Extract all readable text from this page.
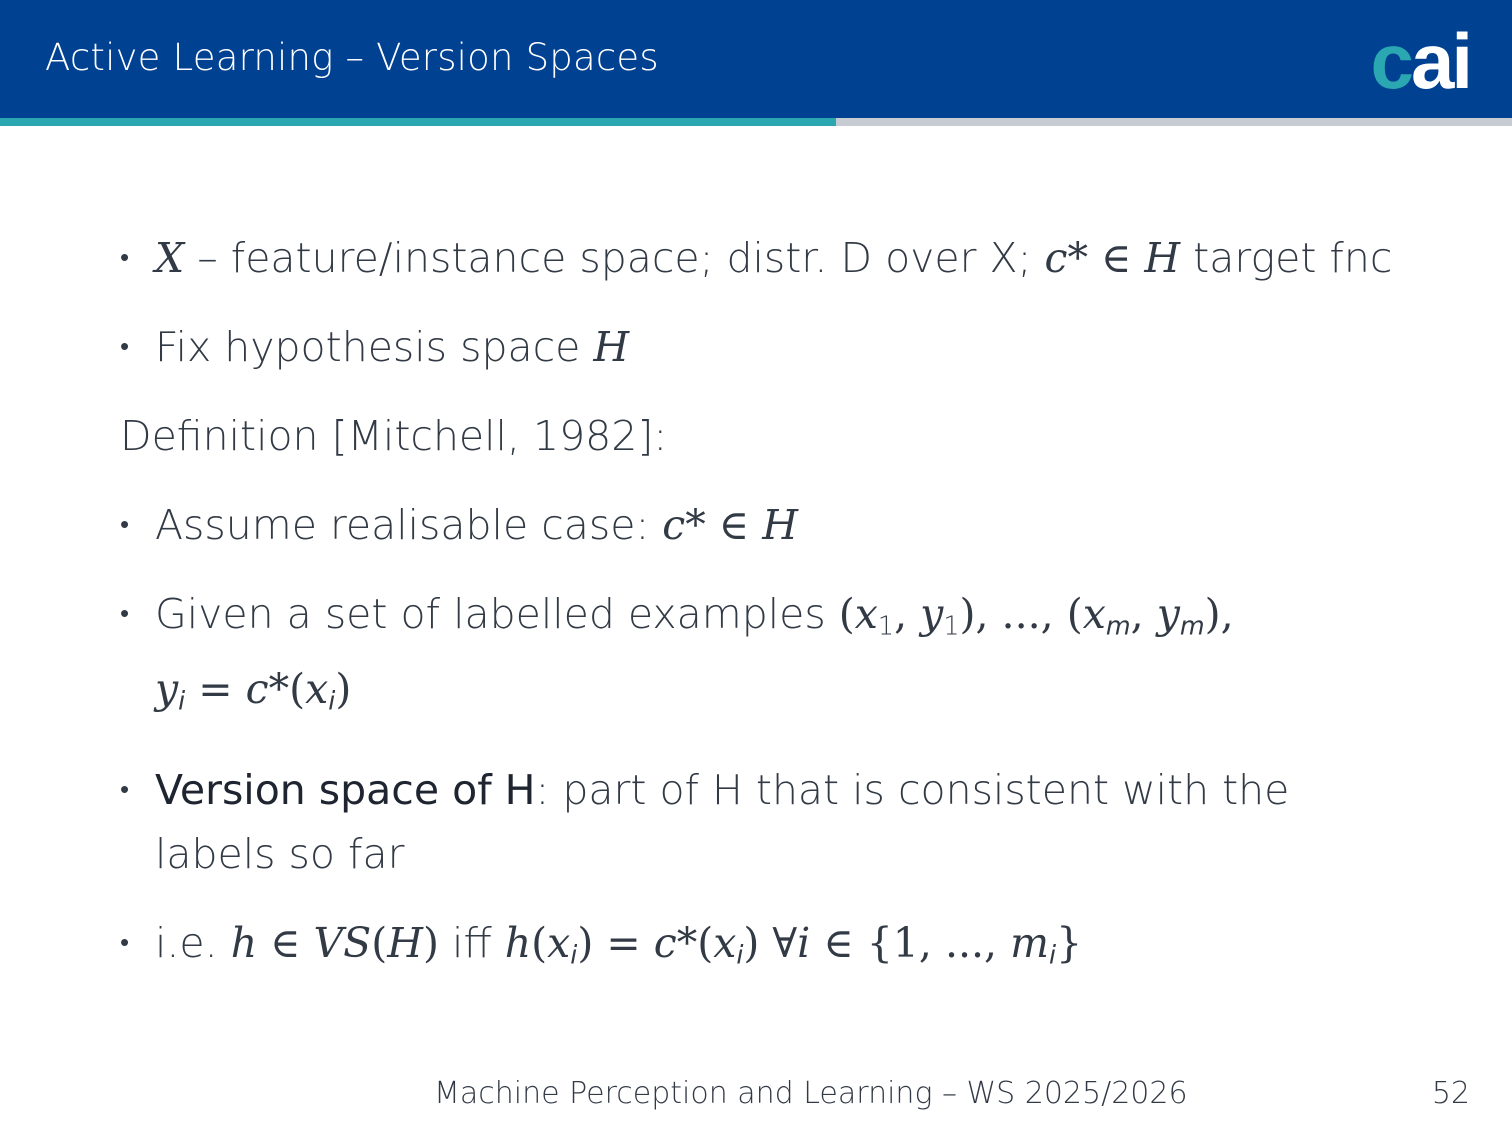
Active Learning – Version Spaces	cai
• X – feature/instance space; distr. D over X; c* ∈ H target fnc
• Fix hypothesis space H
Definition [Mitchell, 1982]:
• Assume realisable case: c* ∈ H
• Given a set of labelled examples ($x_1$, $y_1$), ..., ($x_m$, $y_m$),
$y_i = c*(x_i)$
• Version space of H: part of H that is consistent with the labels so far
• i.e. h ∈ VS(H) iff $h(x_i) = c*(x_i)$ ∀i ∈ {1, ..., $m_i$}
Machine Perception and Learning – WS 2025/2026	52
